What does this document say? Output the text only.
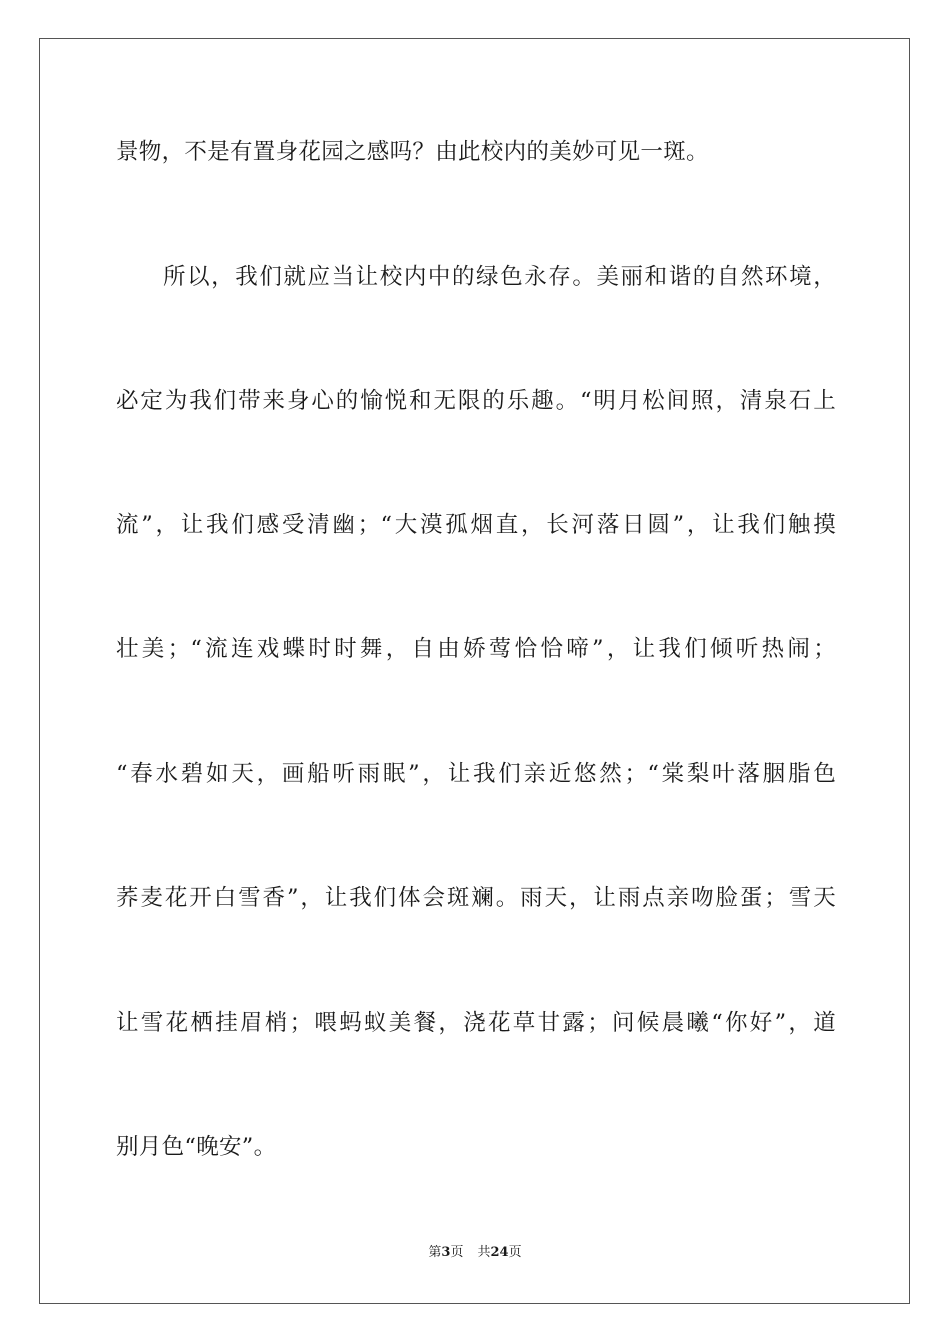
景物，不是有置身花园之感吗？由此校内的美妙可见一斑。
所以，我们就应当让校内中的绿色永存。美丽和谐的自然环境，
必定为我们带来身心的愉悦和无限的乐趣。“明月松间照，清泉石上
流”，让我们感受清幽；“大漠孤烟直，长河落日圆”，让我们触摸
壮美；“流连戏蝶时时舞，自由娇莺恰恰啼”，让我们倾听热闹；
“春水碧如天，画船听雨眠”，让我们亲近悠然；“棠梨叶落胭脂色
荞麦花开白雪香”，让我们体会斑斓。雨天，让雨点亲吻脸蛋；雪天
让雪花栖挂眉梢；喂蚂蚁美餐，浇花草甘露；问候晨曦“你好”，道
别月色“晚安”。
第3页 共24页
